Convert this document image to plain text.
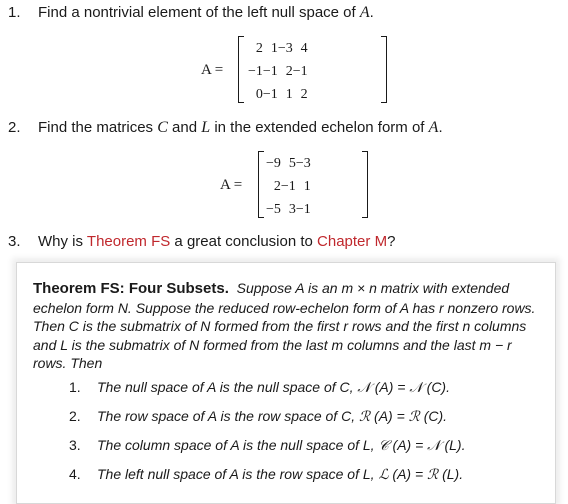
1. Find a nontrivial element of the left null space of A.
A =
2	1	−3	4
−1	−1	2	−1
0	−1	1	2
2. Find the matrices C and L in the extended echelon form of A.
A =
−9	5	−3
2	−1	1
−5	3	−1
3. Why is Theorem FS a great conclusion to Chapter M?
Theorem FS: Four Subsets. Suppose A is an m × n matrix with extended echelon form N. Suppose the reduced row-echelon form of A has r nonzero rows. Then C is the submatrix of N formed from the first r rows and the first n columns and L is the submatrix of N formed from the last m columns and the last m − r rows. Then
1. The null space of A is the null space of C, 𝒩 (A) = 𝒩 (C).
2. The row space of A is the row space of C, ℛ (A) = ℛ (C).
3. The column space of A is the null space of L, 𝒞 (A) = 𝒩 (L).
4. The left null space of A is the row space of L, ℒ (A) = ℛ (L).
